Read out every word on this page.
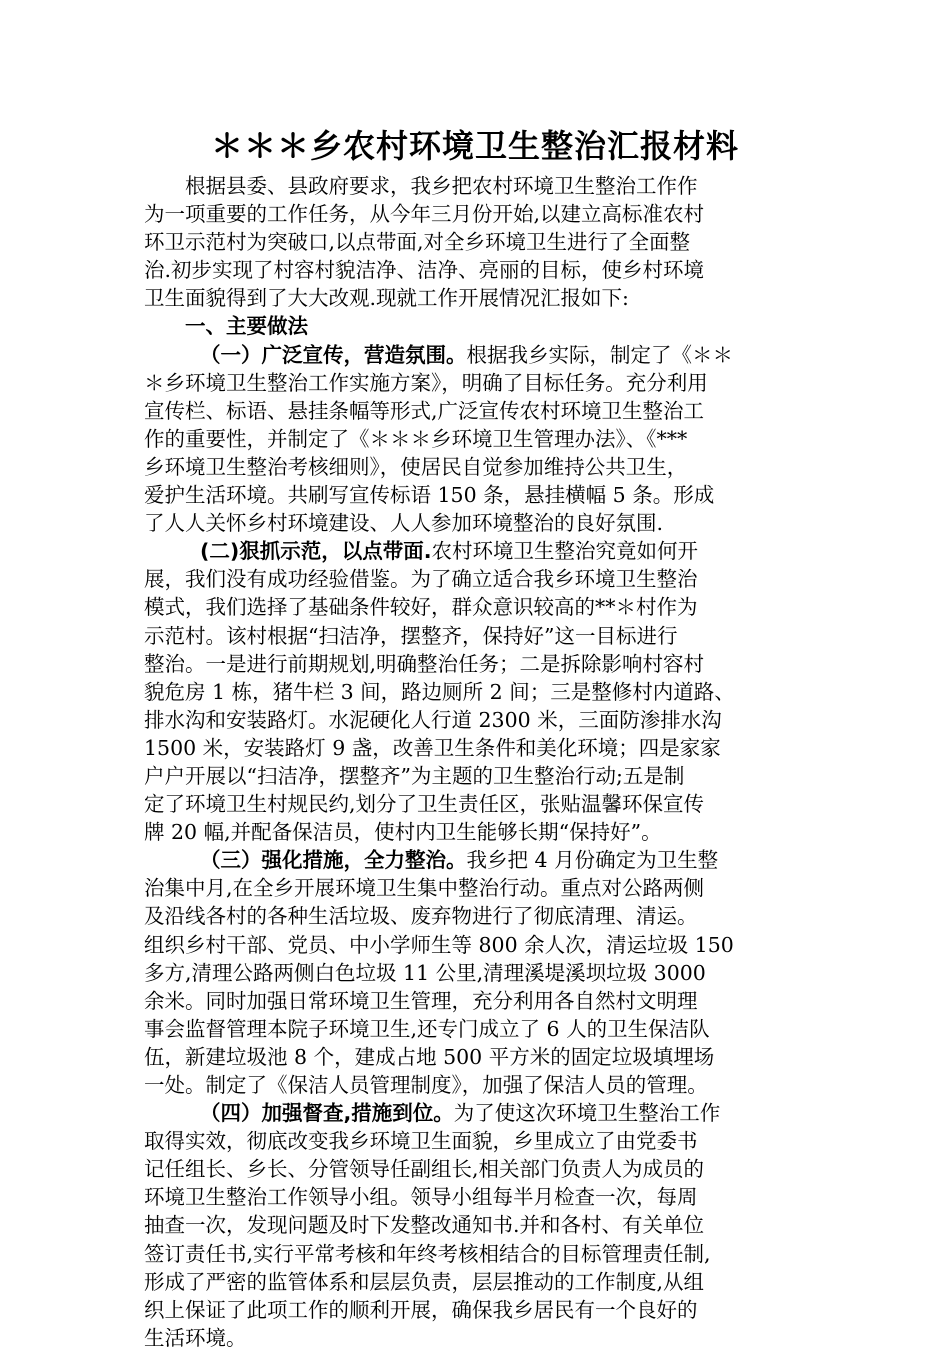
＊＊＊乡农村环境卫生整治汇报材料
根据县委、县政府要求，我乡把农村环境卫生整治工作作
为一项重要的工作任务，从今年三月份开始,以建立高标准农村
环卫示范村为突破口,以点带面,对全乡环境卫生进行了全面整
治.初步实现了村容村貌洁净、洁净、亮丽的目标，使乡村环境
卫生面貌得到了大大改观.现就工作开展情况汇报如下:
一、主要做法
（一）广泛宣传，营造氛围。根据我乡实际，制定了《＊＊
＊乡环境卫生整治工作实施方案》，明确了目标任务。充分利用
宣传栏、标语、悬挂条幅等形式,广泛宣传农村环境卫生整治工
作的重要性，并制定了《＊＊＊乡环境卫生管理办法》、《***
乡环境卫生整治考核细则》，使居民自觉参加维持公共卫生，
爱护生活环境。共刷写宣传标语 150 条，悬挂横幅 5 条。形成
了人人关怀乡村环境建设、人人参加环境整治的良好氛围.
(二)狠抓示范，以点带面.农村环境卫生整治究竟如何开
展，我们没有成功经验借鉴。为了确立适合我乡环境卫生整治
模式，我们选择了基础条件较好，群众意识较高的**＊村作为
示范村。该村根据“扫洁净，摆整齐，保持好”这一目标进行
整治。一是进行前期规划,明确整治任务；二是拆除影响村容村
貌危房 1 栋，猪牛栏 3 间，路边厕所 2 间；三是整修村内道路、
排水沟和安装路灯。水泥硬化人行道 2300 米，三面防渗排水沟
1500 米，安装路灯 9 盏，改善卫生条件和美化环境；四是家家
户户开展以“扫洁净，摆整齐”为主题的卫生整治行动;五是制
定了环境卫生村规民约,划分了卫生责任区，张贴温馨环保宣传
牌 20 幅,并配备保洁员，使村内卫生能够长期“保持好”。
（三）强化措施，全力整治。我乡把 4 月份确定为卫生整
治集中月,在全乡开展环境卫生集中整治行动。重点对公路两侧
及沿线各村的各种生活垃圾、废弃物进行了彻底清理、清运。
组织乡村干部、党员、中小学师生等 800 余人次，清运垃圾 150
多方,清理公路两侧白色垃圾 11 公里,清理溪堤溪坝垃圾 3000
余米。同时加强日常环境卫生管理，充分利用各自然村文明理
事会监督管理本院子环境卫生,还专门成立了 6 人的卫生保洁队
伍，新建垃圾池 8 个，建成占地 500 平方米的固定垃圾填埋场
一处。制定了《保洁人员管理制度》，加强了保洁人员的管理。
（四）加强督查,措施到位。为了使这次环境卫生整治工作
取得实效，彻底改变我乡环境卫生面貌，乡里成立了由党委书
记任组长、乡长、分管领导任副组长,相关部门负责人为成员的
环境卫生整治工作领导小组。领导小组每半月检查一次，每周
抽查一次，发现问题及时下发整改通知书.并和各村、有关单位
签订责任书,实行平常考核和年终考核相结合的目标管理责任制,
形成了严密的监管体系和层层负责，层层推动的工作制度,从组
织上保证了此项工作的顺利开展，确保我乡居民有一个良好的
生活环境。
